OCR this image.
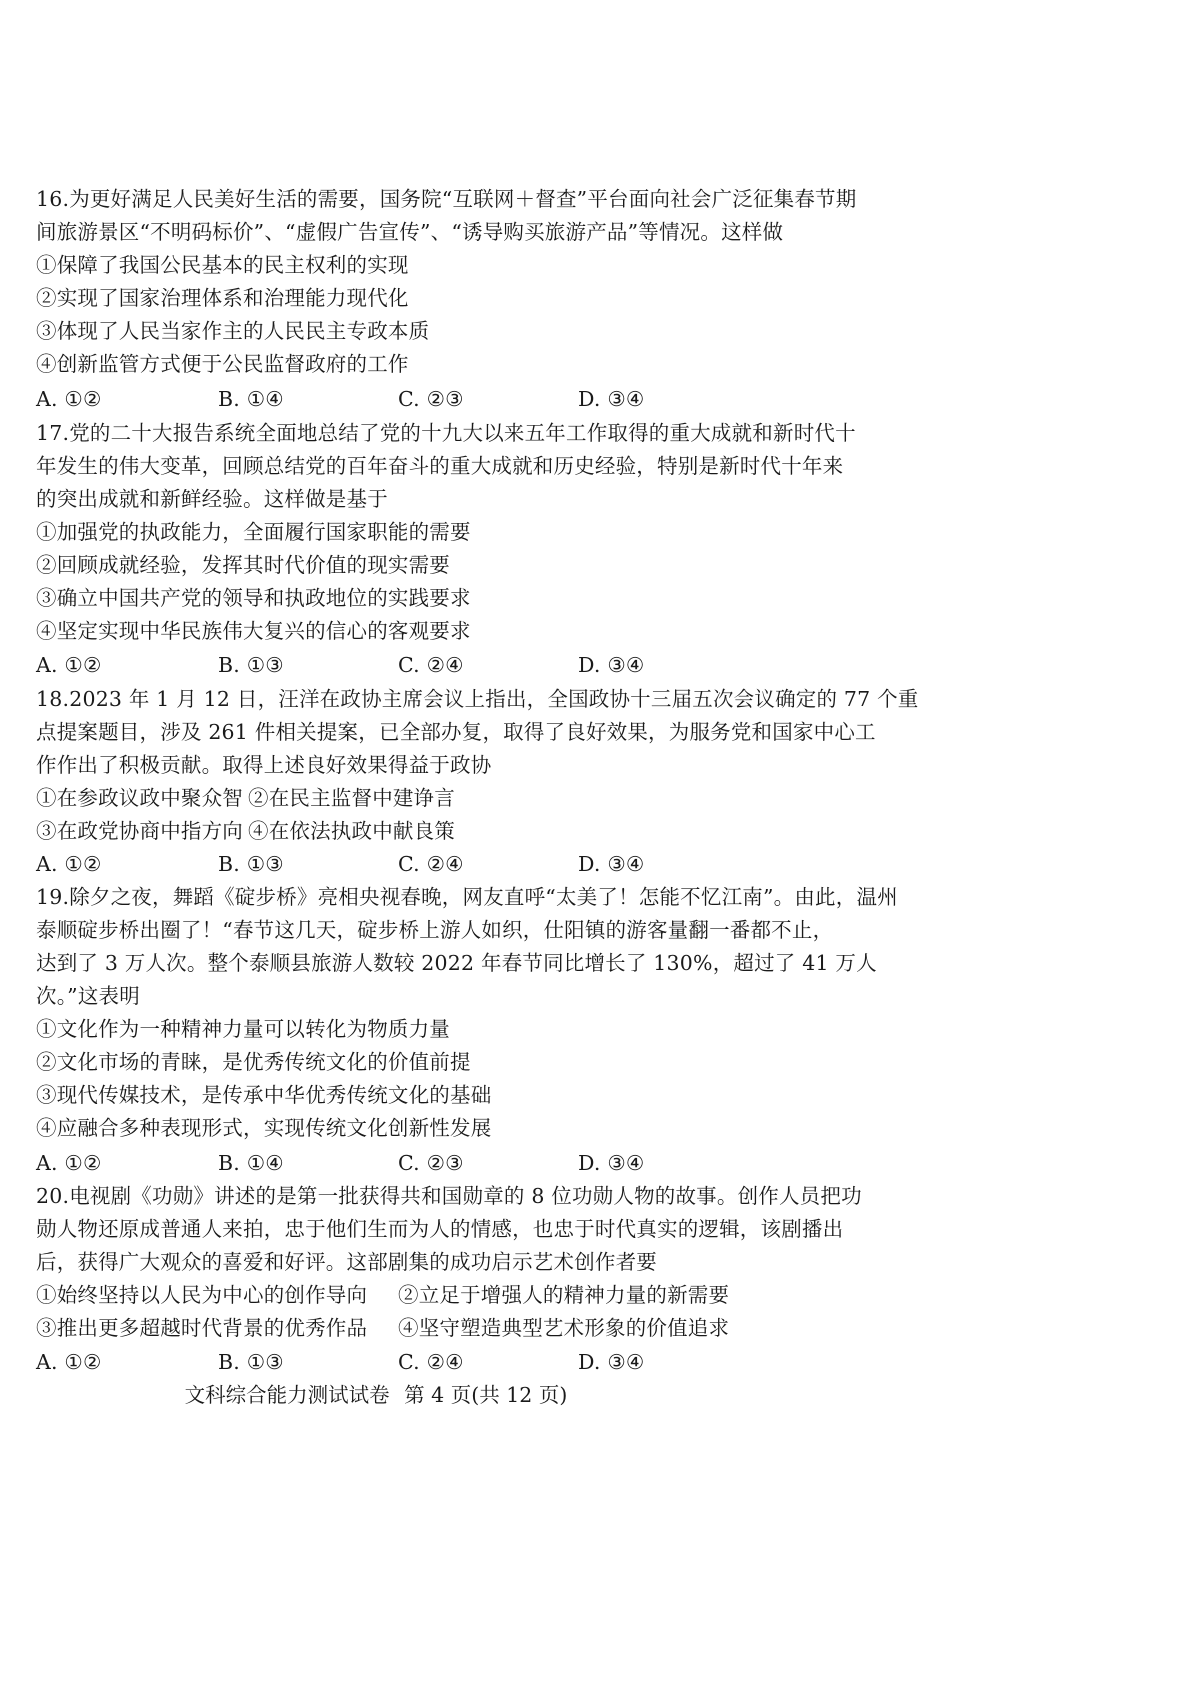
16.为更好满足人民美好生活的需要，国务院“互联网＋督查”平台面向社会广泛征集春节期
间旅游景区“不明码标价”、“虚假广告宣传”、“诱导购买旅游产品”等情况。这样做
①保障了我国公民基本的民主权利的实现
②实现了国家治理体系和治理能力现代化
③体现了人民当家作主的人民民主专政本质
④创新监管方式便于公民监督政府的工作
A. ①②	B. ①④	C. ②③	D. ③④
17.党的二十大报告系统全面地总结了党的十九大以来五年工作取得的重大成就和新时代十
年发生的伟大变革，回顾总结党的百年奋斗的重大成就和历史经验，特别是新时代十年来
的突出成就和新鲜经验。这样做是基于
①加强党的执政能力，全面履行国家职能的需要
②回顾成就经验，发挥其时代价值的现实需要
③确立中国共产党的领导和执政地位的实践要求
④坚定实现中华民族伟大复兴的信心的客观要求
A. ①②	B. ①③	C. ②④	D. ③④
18.2023 年 1 月 12 日，汪洋在政协主席会议上指出，全国政协十三届五次会议确定的 77 个重
点提案题目，涉及 261 件相关提案，已全部办复，取得了良好效果，为服务党和国家中心工
作作出了积极贡献。取得上述良好效果得益于政协
①在参政议政中聚众智 ②在民主监督中建诤言
③在政党协商中指方向 ④在依法执政中献良策
A. ①②	B. ①③	C. ②④	D. ③④
19.除夕之夜，舞蹈《碇步桥》亮相央视春晚，网友直呼“太美了！怎能不忆江南”。由此，温州
泰顺碇步桥出圈了！“春节这几天，碇步桥上游人如织，仕阳镇的游客量翻一番都不止，
达到了 3 万人次。整个泰顺县旅游人数较 2022 年春节同比增长了 130%，超过了 41 万人
次。”这表明
①文化作为一种精神力量可以转化为物质力量
②文化市场的青睐，是优秀传统文化的价值前提
③现代传媒技术，是传承中华优秀传统文化的基础
④应融合多种表现形式，实现传统文化创新性发展
A. ①②	B. ①④	C. ②③	D. ③④
20.电视剧《功勋》讲述的是第一批获得共和国勋章的 8 位功勋人物的故事。创作人员把功
勋人物还原成普通人来拍，忠于他们生而为人的情感，也忠于时代真实的逻辑，该剧播出
后，获得广大观众的喜爱和好评。这部剧集的成功启示艺术创作者要
①始终坚持以人民为中心的创作导向 ②立足于增强人的精神力量的新需要
③推出更多超越时代背景的优秀作品 ④坚守塑造典型艺术形象的价值追求
A. ①②	B. ①③	C. ②④	D. ③④
文科综合能力测试试卷 第 4 页(共 12 页)
